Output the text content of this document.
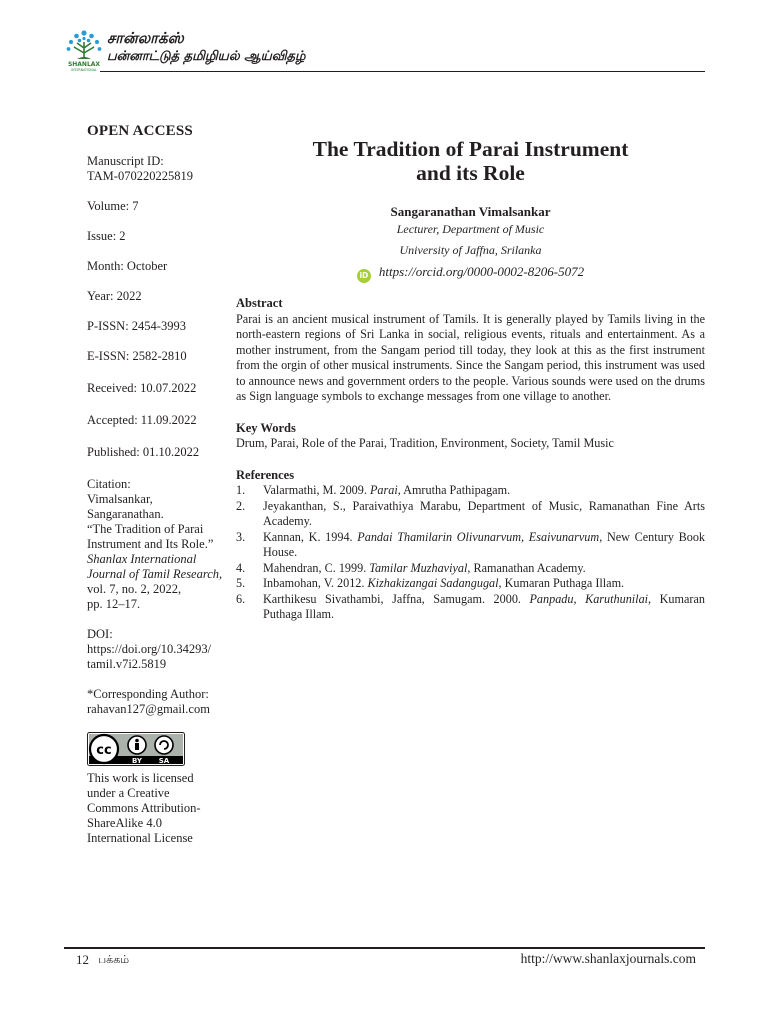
SHANLAX
INTERNATIONAL
சான்லாக்ஸ்
பன்னாட்டுத் தமிழியல் ஆய்விதழ்
OPEN ACCESS
Manuscript ID:
TAM-070220225819
Volume: 7
Issue: 2
Month: October
Year: 2022
P-ISSN: 2454-3993
E-ISSN: 2582-2810
Received: 10.07.2022
Accepted: 11.09.2022
Published: 01.10.2022
Citation:
Vimalsankar,
Sangaranathan.
“The Tradition of Parai
Instrument and Its Role.”
Shanlax International
Journal of Tamil Research,
vol. 7, no. 2, 2022,
pp. 12–17.
DOI:
https://doi.org/10.34293/
tamil.v7i2.5819
*Corresponding Author:
rahavan127@gmail.com
cc
BY SA
This work is licensed
under a Creative
Commons Attribution-
ShareAlike 4.0
International License
The Tradition of Parai Instrument
and its Role
Sangaranathan Vimalsankar
Lecturer, Department of Music
University of Jaffna, Srilanka
iD https://orcid.org/0000-0002-8206-5072
Abstract

Parai is an ancient musical instrument of Tamils. It is generally played by Tamils living in the north-eastern regions of Sri Lanka in social, religious events, rituals and entertainment. As a mother instrument, from the Sangam period till today, they look at this as the first instrument from the orgin of other musical instruments. Since the Sangam period, this instrument was used to announce news and government orders to the people. Various sounds were used on the drums as Sign language symbols to exchange messages from one village to another.

Key Words
Drum, Parai, Role of the Parai, Tradition, Environment, Society, Tamil Music
References
1. Valarmathi, M. 2009. Parai, Amrutha Pathipagam.
2. Jeyakanthan, S., Paraivathiya Marabu, Department of Music, Ramanathan Fine Arts Academy.
3. Kannan, K. 1994. Pandai Thamilarin Olivunarvum, Esaivunarvum, New Century Book House.
4. Mahendran, C. 1999. Tamilar Muzhaviyal, Ramanathan Academy.
5. Inbamohan, V. 2012. Kizhakizangai Sadangugal, Kumaran Puthaga Illam.
6. Karthikesu Sivathambi, Jaffna, Samugam. 2000. Panpadu, Karuthunilai, Kumaran Puthaga Illam.
12 பக்கம்	http://www.shanlaxjournals.com
